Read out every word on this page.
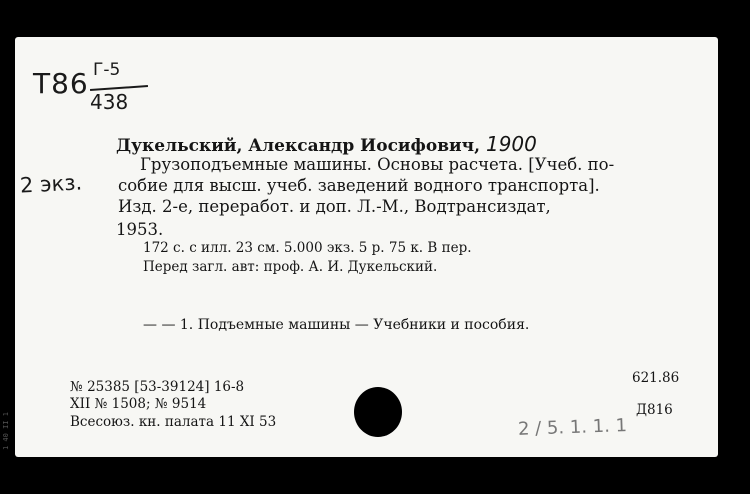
T86 Г-5
438
2 экз.
Дукельский, Александр Иосифович, 1900
Грузоподъемные машины. Основы расчета. [Учеб. по-
собие для высш. учеб. заведений водного транспорта].
Изд. 2-е, переработ. и доп. Л.-М., Водтрансиздат,
1953.
172 с. с илл. 23 см. 5.000 экз. 5 р. 75 к. В пер.
Перед загл. авт: проф. А. И. Дукельский.
— — 1. Подъемные машины — Учебники и пособия.
№ 25385 [53-39124] 16-8
XII № 1508; № 9514
Всесоюз. кн. палата 11 XI 53
621.86
Д816
2 / 5. 1. 1. 1
1 40 II 1
